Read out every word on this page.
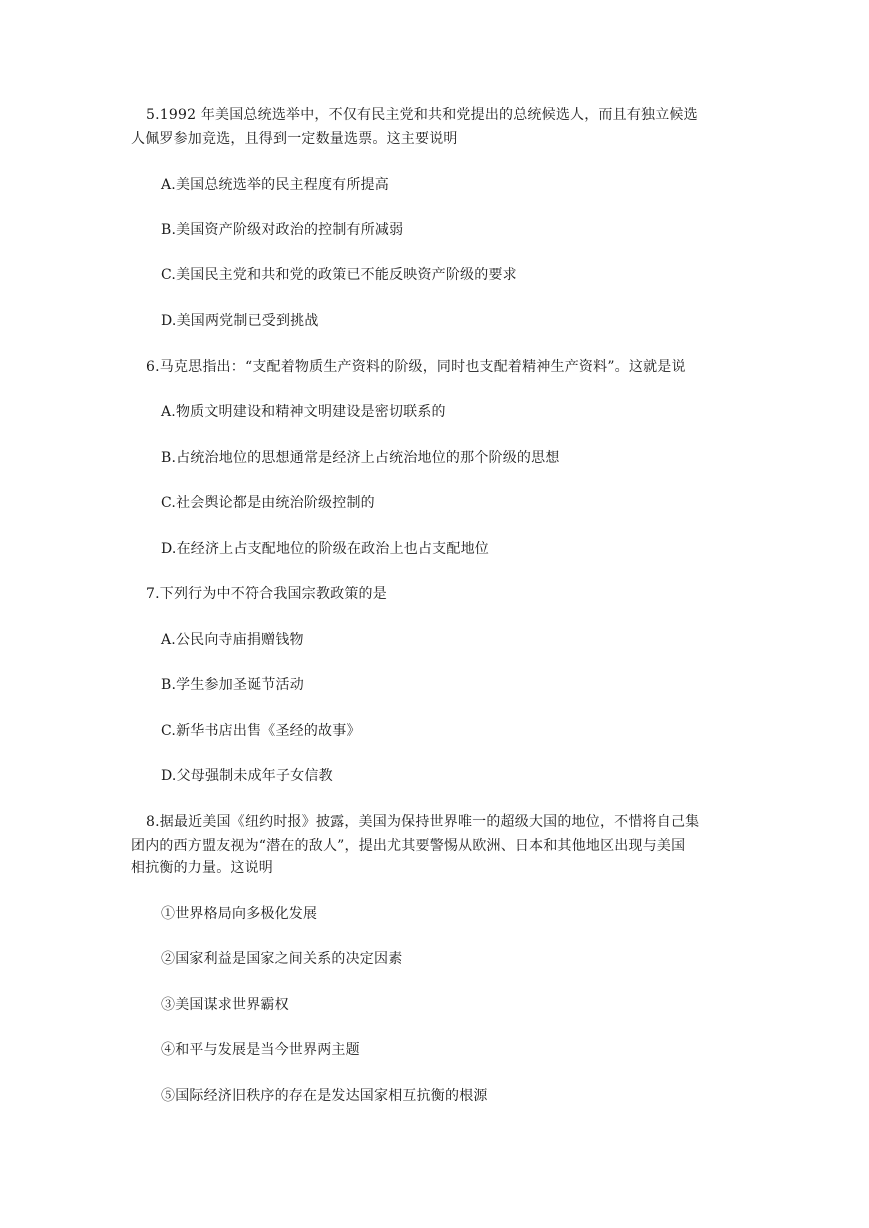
5.1992 年美国总统选举中，不仅有民主党和共和党提出的总统候选人，而且有独立候选
人佩罗参加竞选，且得到一定数量选票。这主要说明
A.美国总统选举的民主程度有所提高
B.美国资产阶级对政治的控制有所减弱
C.美国民主党和共和党的政策已不能反映资产阶级的要求
D.美国两党制已受到挑战
6.马克思指出：“支配着物质生产资料的阶级，同时也支配着精神生产资料”。这就是说
A.物质文明建设和精神文明建设是密切联系的
B.占统治地位的思想通常是经济上占统治地位的那个阶级的思想
C.社会舆论都是由统治阶级控制的
D.在经济上占支配地位的阶级在政治上也占支配地位
7.下列行为中不符合我国宗教政策的是
A.公民向寺庙捐赠钱物
B.学生参加圣诞节活动
C.新华书店出售《圣经的故事》
D.父母强制未成年子女信教
8.据最近美国《纽约时报》披露，美国为保持世界唯一的超级大国的地位，不惜将自己集
团内的西方盟友视为“潜在的敌人”，提出尤其要警惕从欧洲、日本和其他地区出现与美国
相抗衡的力量。这说明
①世界格局向多极化发展
②国家利益是国家之间关系的决定因素
③美国谋求世界霸权
④和平与发展是当今世界两主题
⑤国际经济旧秩序的存在是发达国家相互抗衡的根源
